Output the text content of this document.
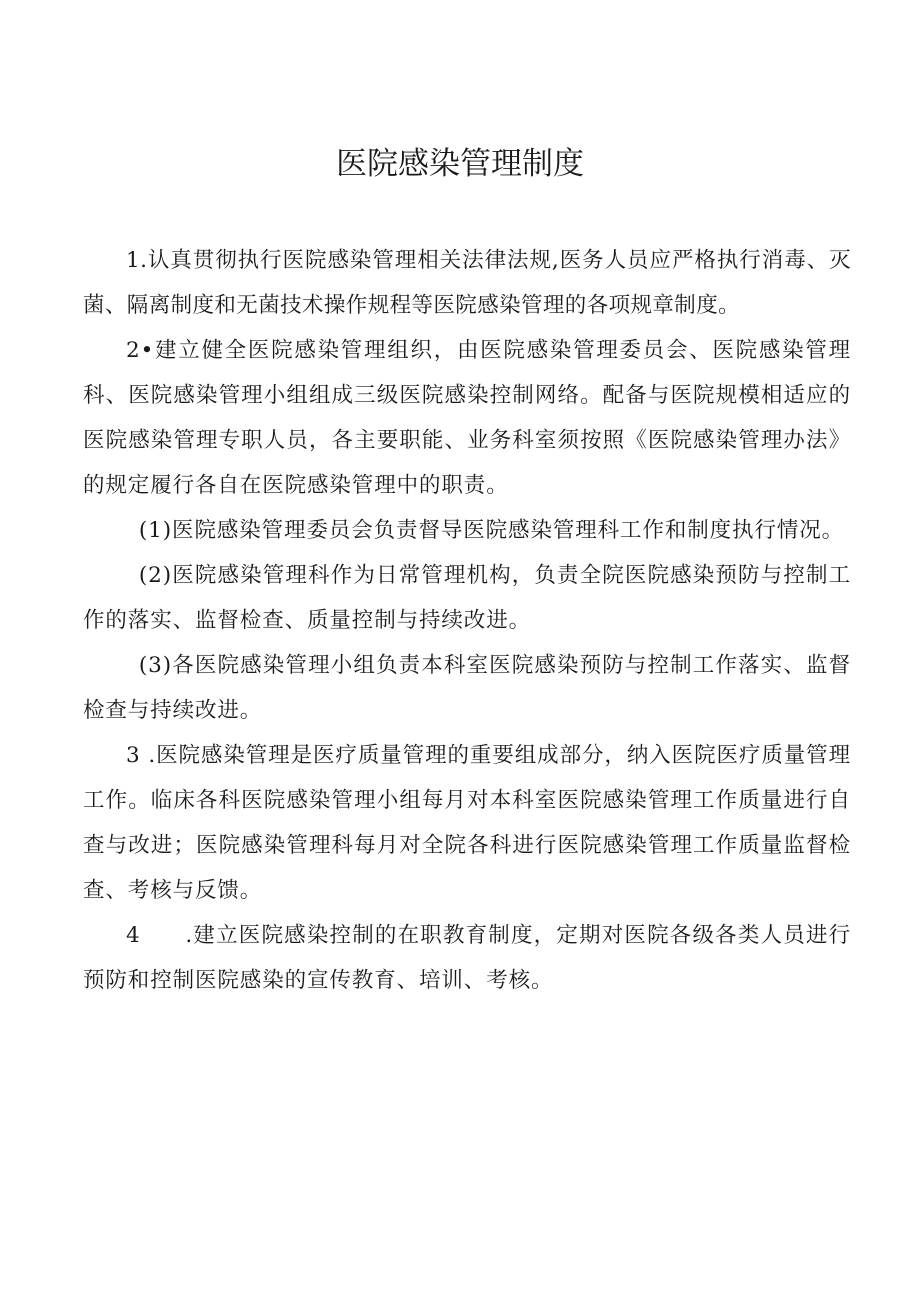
医院感染管理制度

1.认真贯彻执行医院感染管理相关法律法规,医务人员应严格执行消毒、灭菌、隔离制度和无菌技术操作规程等医院感染管理的各项规章制度。

2•建立健全医院感染管理组织，由医院感染管理委员会、医院感染管理科、医院感染管理小组组成三级医院感染控制网络。配备与医院规模相适应的医院感染管理专职人员，各主要职能、业务科室须按照《医院感染管理办法》的规定履行各自在医院感染管理中的职责。

(1)医院感染管理委员会负责督导医院感染管理科工作和制度执行情况。

(2)医院感染管理科作为日常管理机构，负责全院医院感染预防与控制工作的落实、监督检查、质量控制与持续改进。

(3)各医院感染管理小组负责本科室医院感染预防与控制工作落实、监督检查与持续改进。

3 .医院感染管理是医疗质量管理的重要组成部分，纳入医院医疗质量管理工作。临床各科医院感染管理小组每月对本科室医院感染管理工作质量进行自查与改进；医院感染管理科每月对全院各科进行医院感染管理工作质量监督检查、考核与反馈。

4  .建立医院感染控制的在职教育制度，定期对医院各级各类人员进行预防和控制医院感染的宣传教育、培训、考核。
